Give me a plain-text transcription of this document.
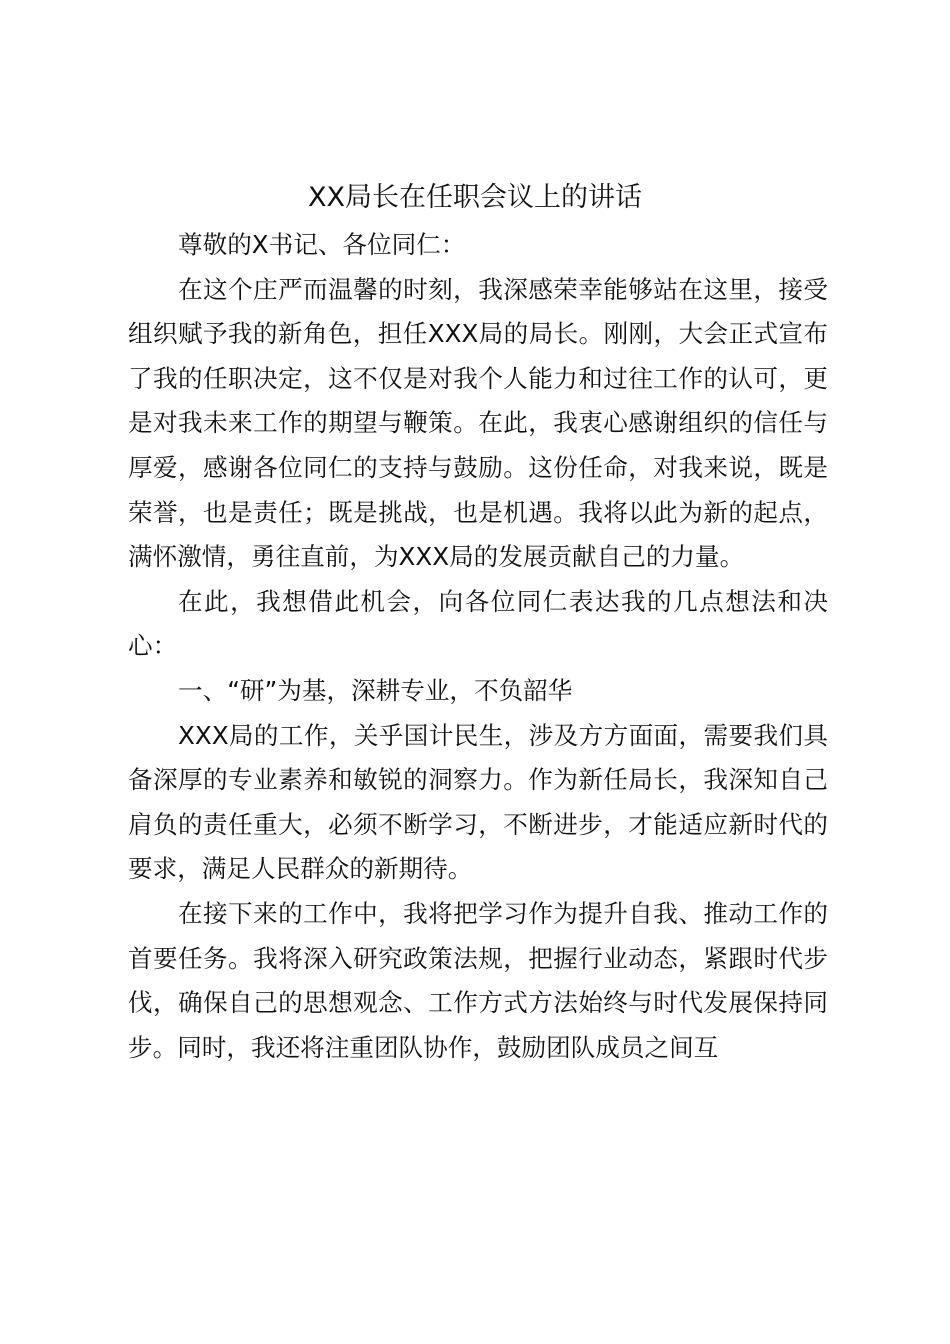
XX局长在任职会议上的讲话

尊敬的X书记、各位同仁：

在这个庄严而温馨的时刻，我深感荣幸能够站在这里，接受组织赋予我的新角色，担任XXX局的局长。刚刚，大会正式宣布了我的任职决定，这不仅是对我个人能力和过往工作的认可，更是对我未来工作的期望与鞭策。在此，我衷心感谢组织的信任与厚爱，感谢各位同仁的支持与鼓励。这份任命，对我来说，既是荣誉，也是责任；既是挑战，也是机遇。我将以此为新的起点，满怀激情，勇往直前，为XXX局的发展贡献自己的力量。

在此，我想借此机会，向各位同仁表达我的几点想法和决心：

一、“研”为基，深耕专业，不负韶华

XXX局的工作，关乎国计民生，涉及方方面面，需要我们具备深厚的专业素养和敏锐的洞察力。作为新任局长，我深知自己肩负的责任重大，必须不断学习，不断进步，才能适应新时代的要求，满足人民群众的新期待。

在接下来的工作中，我将把学习作为提升自我、推动工作的首要任务。我将深入研究政策法规，把握行业动态，紧跟时代步伐，确保自己的思想观念、工作方式方法始终与时代发展保持同步。同时，我还将注重团队协作，鼓励团队成员之间互
